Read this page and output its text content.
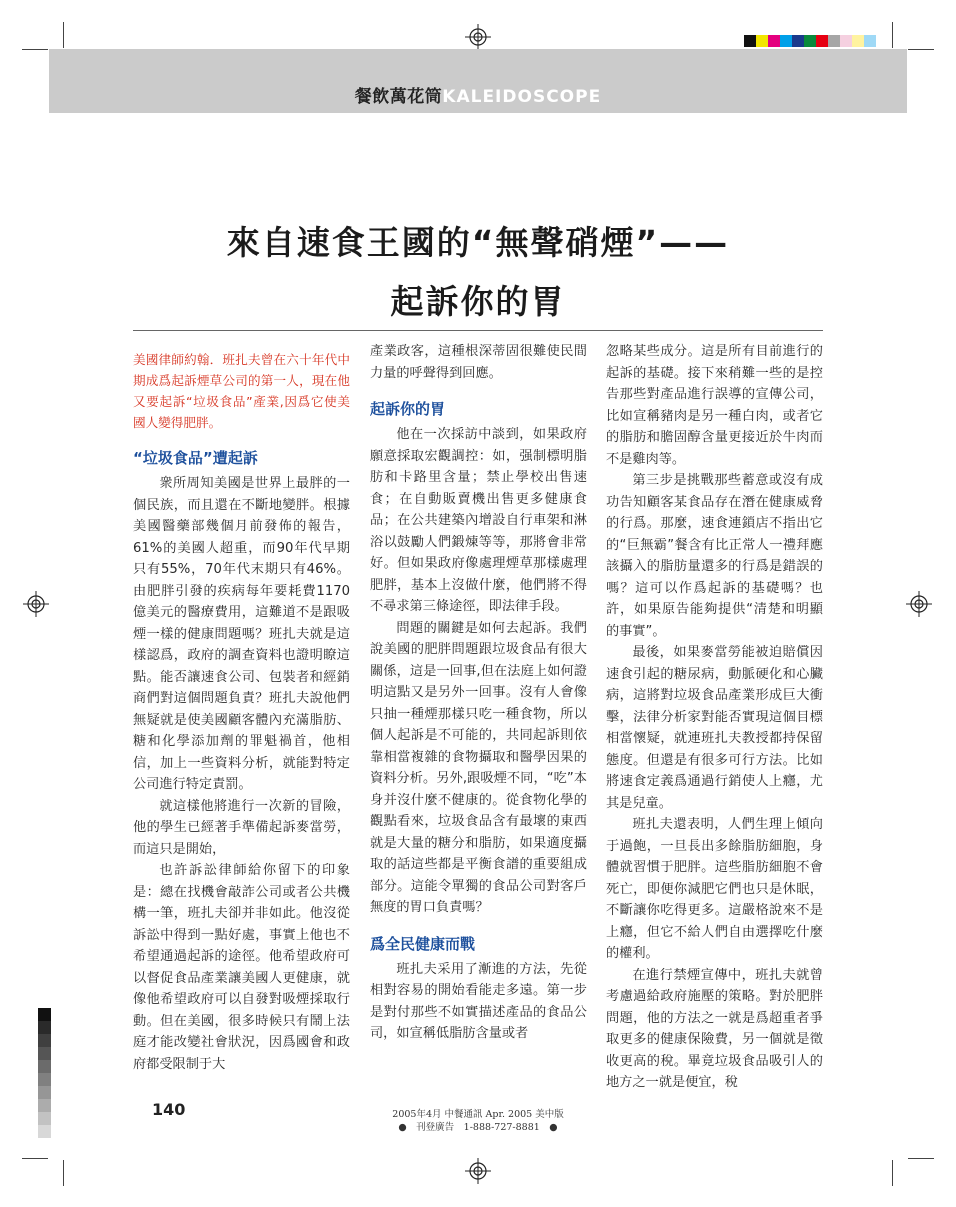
餐飲萬花筒KALEIDOSCOPE
來自速食王國的“無聲硝煙”——
起訴你的胃

美國律師約翰．班扎夫曾在六十年代中期成爲起訴煙草公司的第一人，現在他又要起訴“垃圾食品”產業,因爲它使美國人變得肥胖。

“垃圾食品”遭起訴

衆所周知美國是世界上最胖的一個民族，而且還在不斷地變胖。根據美國醫藥部幾個月前發佈的報告，61%的美國人超重，而90年代早期只有55%，70年代末期只有46%。由肥胖引發的疾病每年要耗費1170億美元的醫療費用，這難道不是跟吸煙一樣的健康問題嗎？班扎夫就是這樣認爲，政府的調查資料也證明瞭這點。能否讓速食公司、包裝者和經銷商們對這個問題負責？班扎夫說他們無疑就是使美國顧客體內充滿脂肪、糖和化學添加劑的罪魁禍首，他相信，加上一些資料分析，就能對特定公司進行特定責罰。

就這樣他將進行一次新的冒險，他的學生已經著手準備起訴麥當勞，而這只是開始，

也許訴訟律師給你留下的印象是：總在找機會敲詐公司或者公共機構一筆，班扎夫卻并非如此。他沒從訴訟中得到一點好處，事實上他也不希望通過起訴的途徑。他希望政府可以督促食品產業讓美國人更健康，就像他希望政府可以自發對吸煙採取行動。但在美國，很多時候只有鬧上法庭才能改變社會狀況，因爲國會和政府都受限制于大

產業政客，這種根深蒂固很難使民間力量的呼聲得到回應。

起訴你的胃

他在一次採訪中談到，如果政府願意採取宏觀調控：如，强制標明脂肪和卡路里含量；禁止學校出售速食；在自動販賣機出售更多健康食品；在公共建築內增設自行車架和淋浴以鼓勵人們鍛煉等等，那將會非常好。但如果政府像處理煙草那樣處理肥胖，基本上沒做什麼，他們將不得不尋求第三條途徑，即法律手段。

問題的關鍵是如何去起訴。我們說美國的肥胖問題跟垃圾食品有很大關係，這是一回事,但在法庭上如何證明這點又是另外一回事。沒有人會像只抽一種煙那樣只吃一種食物，所以個人起訴是不可能的，共同起訴則依靠相當複雜的食物攝取和醫學因果的資料分析。另外,跟吸煙不同，“吃”本身并沒什麼不健康的。從食物化學的觀點看來，垃圾食品含有最壞的東西就是大量的糖分和脂肪，如果適度攝取的話這些都是平衡食譜的重要組成部分。這能令單獨的食品公司對客戶無度的胃口負責嗎？

爲全民健康而戰

班扎夫采用了漸進的方法，先從相對容易的開始看能走多遠。第一步是對付那些不如實描述產品的食品公司，如宣稱低脂肪含量或者

忽略某些成分。這是所有目前進行的起訴的基礎。接下來稍難一些的是控告那些對產品進行誤導的宣傳公司，比如宣稱豬肉是另一種白肉，或者它的脂肪和膽固醇含量更接近於牛肉而不是雞肉等。

第三步是挑戰那些蓄意或沒有成功告知顧客某食品存在潛在健康威脅的行爲。那麼，速食連鎖店不指出它的“巨無霸”餐含有比正常人一禮拜應該攝入的脂肪量還多的行爲是錯誤的嗎？這可以作爲起訴的基礎嗎？也許，如果原告能夠提供“清楚和明顯的事實”。

最後，如果麥當勞能被迫賠償因速食引起的糖尿病，動脈硬化和心臟病，這將對垃圾食品產業形成巨大衝擊，法律分析家對能否實現這個目標相當懷疑，就連班扎夫教授都持保留態度。但還是有很多可行方法。比如將速食定義爲通過行銷使人上癮，尤其是兒童。

班扎夫還表明，人們生理上傾向于過飽，一旦長出多餘脂肪細胞，身體就習慣于肥胖。這些脂肪細胞不會死亡，即便你減肥它們也只是休眠，不斷讓你吃得更多。這嚴格說來不是上癮，但它不給人們自由選擇吃什麼的權利。

在進行禁煙宣傳中，班扎夫就曾考慮過給政府施壓的策略。對於肥胖問題，他的方法之一就是爲超重者爭取更多的健康保險費，另一個就是徵收更高的稅。畢竟垃圾食品吸引人的地方之一就是便宜，稅

140	2005年4月 中餐通訊 Apr. 2005 美中版
●　刊登廣告　1-888-727-8881　●
